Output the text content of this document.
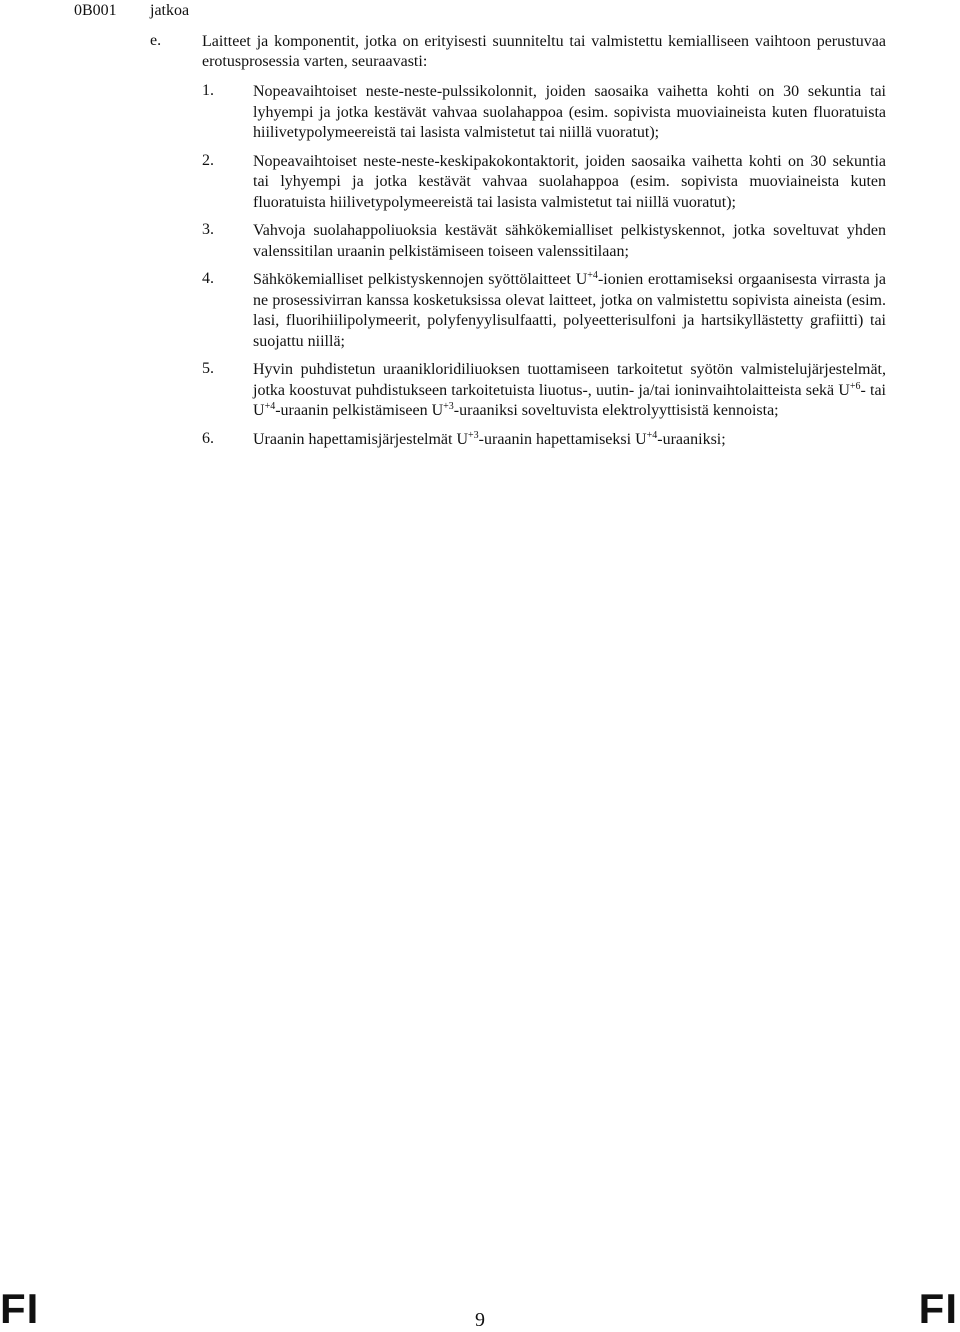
0B001 jatkoa
e.	Laitteet ja komponentit, jotka on erityisesti suunniteltu tai valmistettu kemialliseen vaihtoon perustuvaa erotusprosessia varten, seuraavasti:
1. Nopeavaihtoiset neste-neste-pulssikolonnit, joiden saosaika vaihetta kohti on 30 sekuntia tai lyhyempi ja jotka kestävät vahvaa suolahappoa (esim. sopivista muoviaineista kuten fluoratuista hiilivetypolymeereistä tai lasista valmistetut tai niillä vuoratut);
2. Nopeavaihtoiset neste-neste-keskipakokontaktorit, joiden saosaika vaihetta kohti on 30 sekuntia tai lyhyempi ja jotka kestävät vahvaa suolahappoa (esim. sopivista muoviaineista kuten fluoratuista hiilivetypolymeereistä tai lasista valmistetut tai niillä vuoratut);
3. Vahvoja suolahappoliuoksia kestävät sähkökemialliset pelkistyskennot, jotka soveltuvat yhden valenssitilan uraanin pelkistämiseen toiseen valenssitilaan;
4. Sähkökemialliset pelkistyskennojen syöttölaitteet $U^{+4}$-ionien erottamiseksi orgaanisesta virrasta ja ne prosessivirran kanssa kosketuksissa olevat laitteet, jotka on valmistettu sopivista aineista (esim. lasi, fluorihiilipolymeerit, polyfenyylisulfaatti, polyeetterisulfoni ja hartsikyllästetty grafiitti) tai suojattu niillä;
5. Hyvin puhdistetun uraanikloridiliuoksen tuottamiseen tarkoitetut syötön valmistelujärjestelmät, jotka koostuvat puhdistukseen tarkoitetuista liuotus-, uutin- ja/tai ioninvaihtolaitteista sekä $U^{+6}-$ tai $U^{+4}$-uraanin pelkistämiseen $U^{+3}$-uraaniksi soveltuvista elektrolyyttisistä kennoista;
6. Uraanin hapettamisjärjestelmät $U^{+3}$-uraanin hapettamiseksi $U^{+4}$-uraaniksi;
FI	9	FI
